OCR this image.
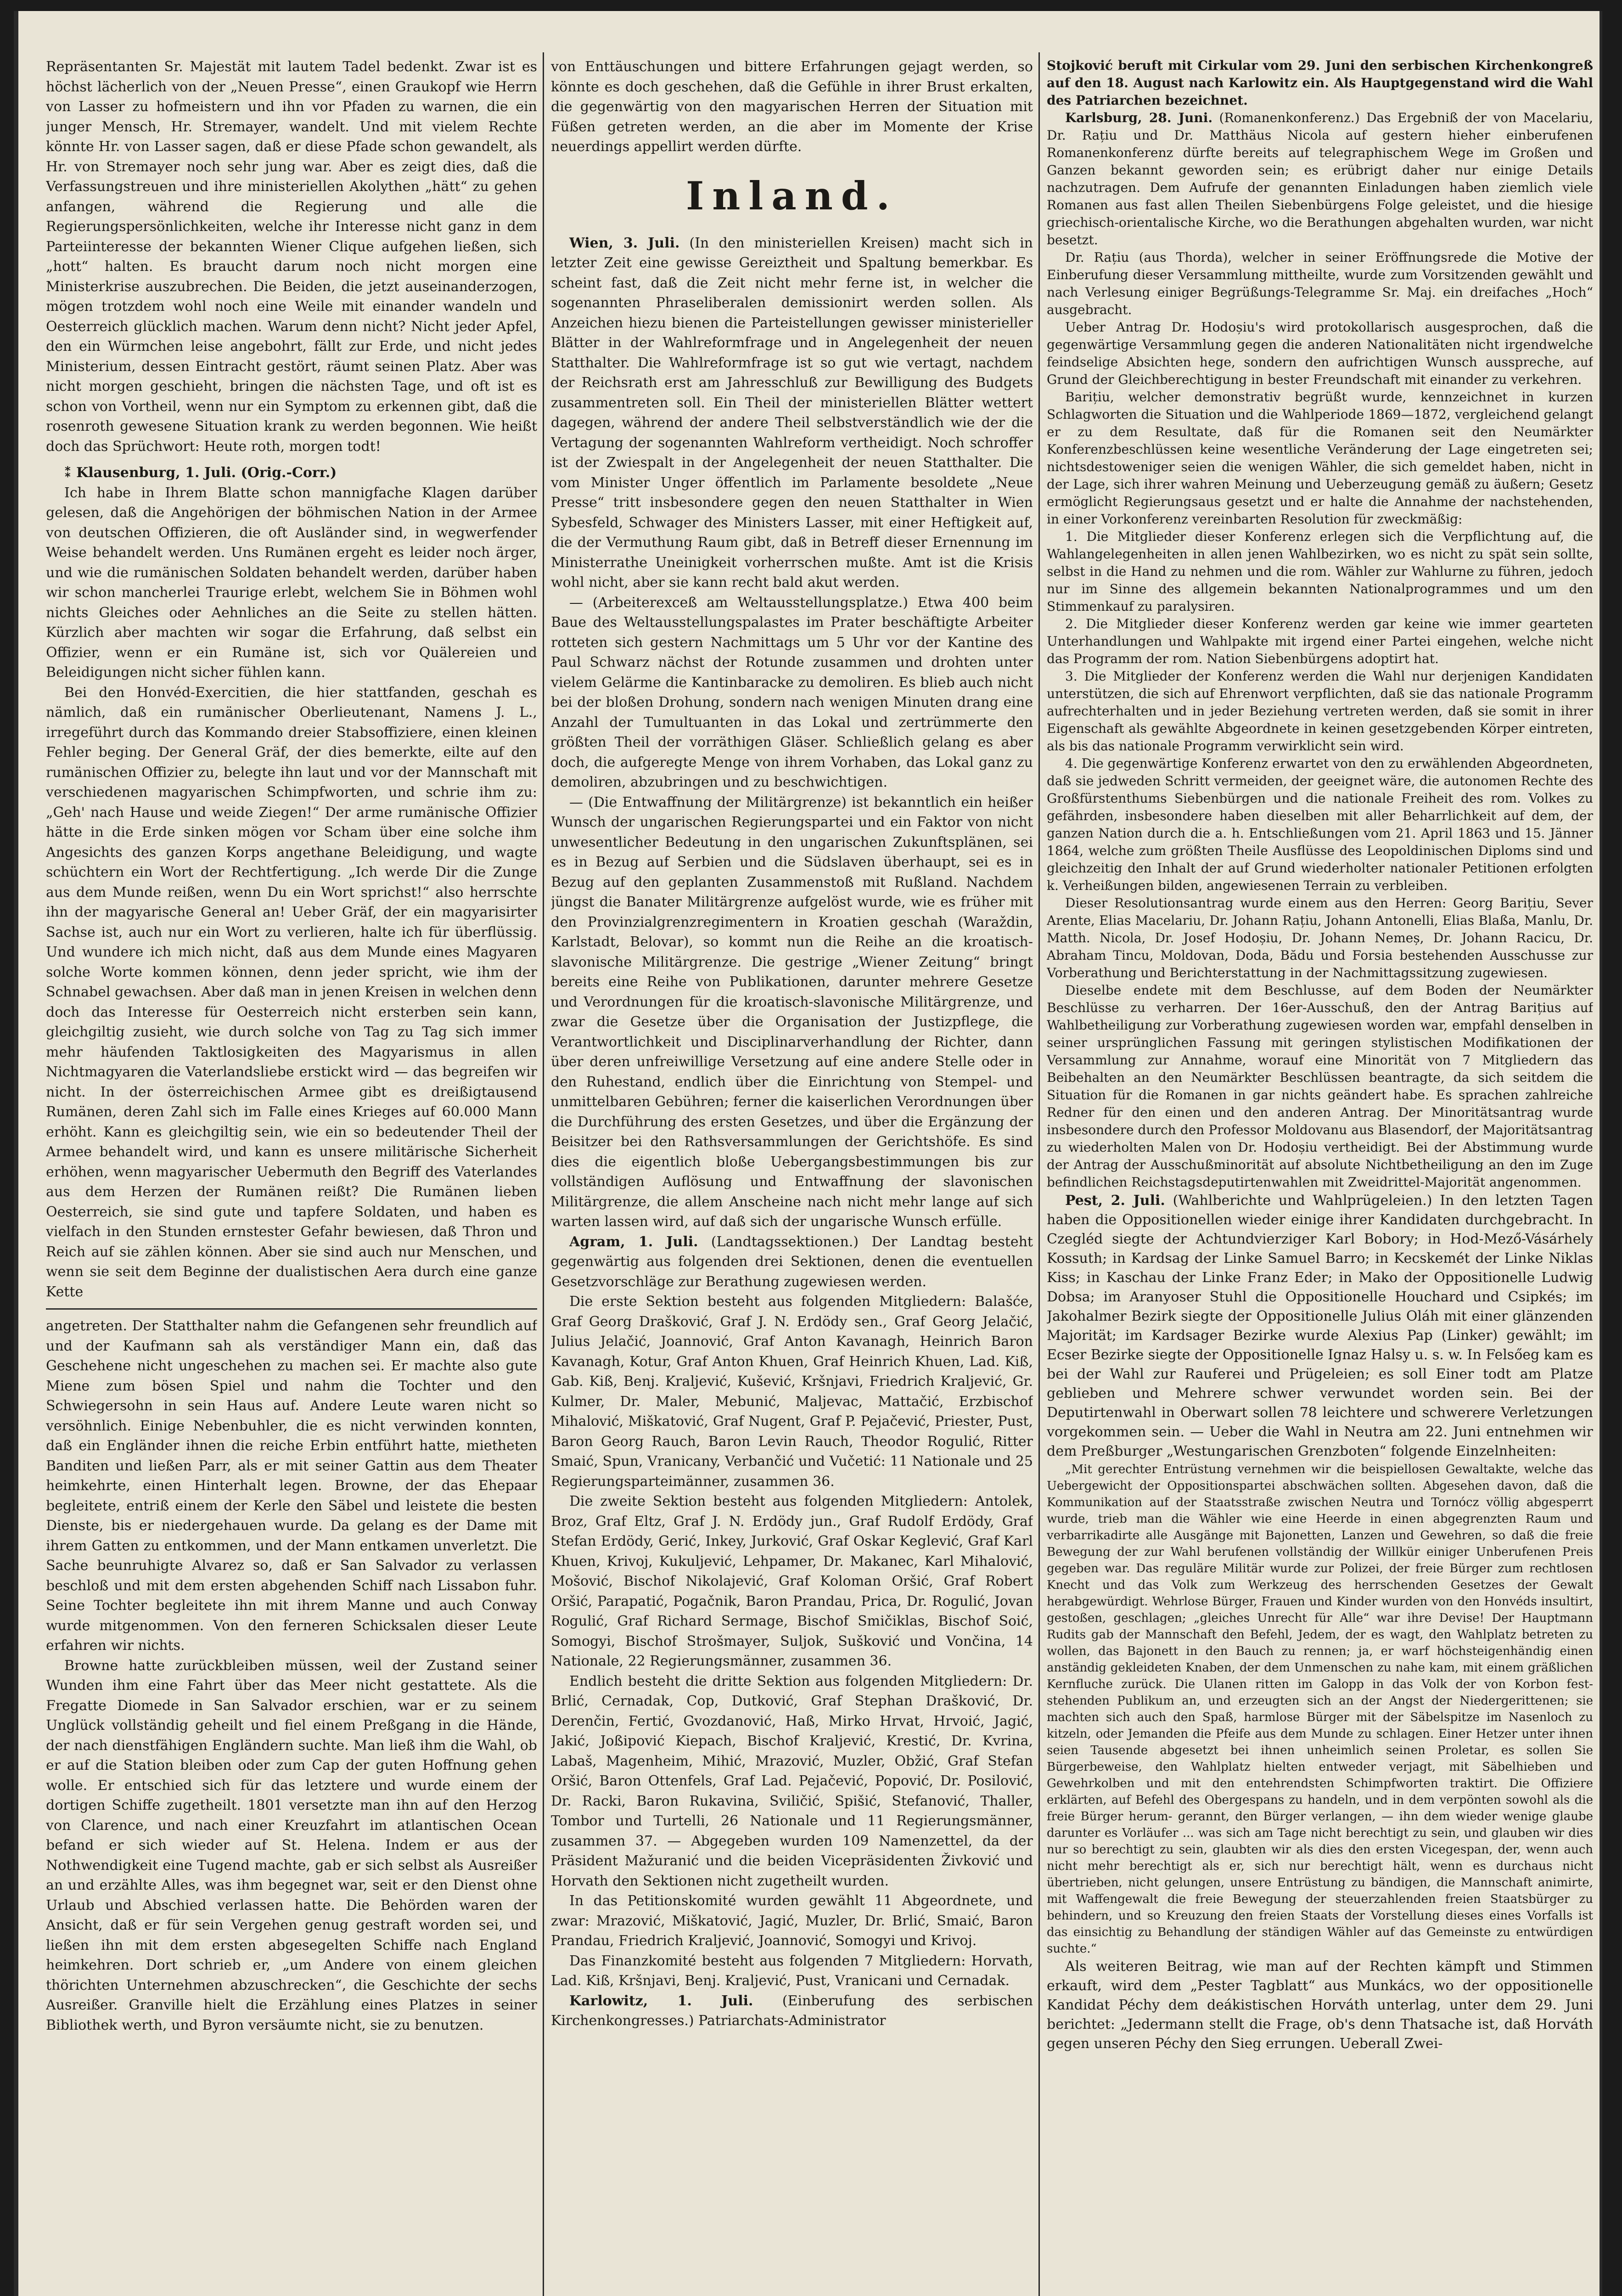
Repräsentanten Sr. Majestät mit lautem Tadel bedenkt. Zwar ist es höchst lächerlich von der „Neuen Presse“, einen Graukopf wie Herrn von Lasser zu hofmeistern und ihn vor Pfaden zu warnen, die ein junger Mensch, Hr. Stremayer, wandelt. Und mit vielem Rechte könnte Hr. von Lasser sagen, daß er diese Pfade schon gewandelt, als Hr. von Stremayer noch sehr jung war. Aber es zeigt dies, daß die Verfassungstreuen und ihre ministeriellen Akolythen „hätt“ zu gehen anfangen, während die Regierung und alle die Regierungspersönlichkeiten, welche ihr Interesse nicht ganz in dem Parteiinteresse der bekannten Wiener Clique aufgehen ließen, sich „hott“ halten. Es braucht darum noch nicht morgen eine Ministerkrise auszubrechen. Die Beiden, die jetzt auseinanderzogen, mögen trotzdem wohl noch eine Weile mit einander wandeln und Oesterreich glücklich machen. Warum denn nicht? Nicht jeder Apfel, den ein Würmchen leise angebohrt, fällt zur Erde, und nicht jedes Ministerium, dessen Eintracht gestört, räumt seinen Platz. Aber was nicht morgen geschieht, bringen die nächsten Tage, und oft ist es schon von Vortheil, wenn nur ein Symptom zu erkennen gibt, daß die rosenroth gewesene Situation krank zu werden begonnen. Wie heißt doch das Sprüchwort: Heute roth, morgen todt!

⁑ Klausenburg, 1. Juli. (Orig.-Corr.)

Ich habe in Ihrem Blatte schon mannigfache Klagen darüber gelesen, daß die Angehörigen der böhmischen Nation in der Armee von deutschen Offizieren, die oft Ausländer sind, in wegwerfender Weise behandelt werden. Uns Rumänen ergeht es leider noch ärger, und wie die rumänischen Soldaten behandelt werden, darüber haben wir schon mancherlei Traurige erlebt, welchem Sie in Böhmen wohl nichts Gleiches oder Aehnliches an die Seite zu stellen hätten. Kürzlich aber machten wir sogar die Erfahrung, daß selbst ein Offizier, wenn er ein Rumäne ist, sich vor Quälereien und Beleidigungen nicht sicher fühlen kann.

Bei den Honvéd-Exercitien, die hier stattfanden, geschah es nämlich, daß ein rumänischer Oberlieutenant, Namens J. L., irregeführt durch das Kommando dreier Stabsoffiziere, einen kleinen Fehler beging. Der General Gräf, der dies bemerkte, eilte auf den rumänischen Offizier zu, belegte ihn laut und vor der Mannschaft mit verschiedenen magyarischen Schimpfworten, und schrie ihm zu: „Geh' nach Hause und weide Ziegen!“ Der arme rumänische Offizier hätte in die Erde sinken mögen vor Scham über eine solche ihm Angesichts des ganzen Korps angethane Beleidigung, und wagte schüchtern ein Wort der Rechtfertigung. „Ich werde Dir die Zunge aus dem Munde reißen, wenn Du ein Wort sprichst!“ also herrschte ihn der magyarische General an! Ueber Gräf, der ein magyarisirter Sachse ist, auch nur ein Wort zu verlieren, halte ich für überflüssig. Und wundere ich mich nicht, daß aus dem Munde eines Magyaren solche Worte kommen können, denn jeder spricht, wie ihm der Schnabel gewachsen. Aber daß man in jenen Kreisen in welchen denn doch das Interesse für Oesterreich nicht ersterben sein kann, gleichgiltig zusieht, wie durch solche von Tag zu Tag sich immer mehr häufenden Taktlosigkeiten des Magyarismus in allen Nichtmagyaren die Vaterlandsliebe erstickt wird — das begreifen wir nicht. In der österreichischen Armee gibt es dreißigtausend Rumänen, deren Zahl sich im Falle eines Krieges auf 60.000 Mann erhöht. Kann es gleichgiltig sein, wie ein so bedeutender Theil der Armee behandelt wird, und kann es unsere militärische Sicherheit erhöhen, wenn magyarischer Uebermuth den Begriff des Vaterlandes aus dem Herzen der Rumänen reißt? Die Rumänen lieben Oesterreich, sie sind gute und tapfere Soldaten, und haben es vielfach in den Stunden ernstester Gefahr bewiesen, daß Thron und Reich auf sie zählen können. Aber sie sind auch nur Menschen, und wenn sie seit dem Beginne der dualistischen Aera durch eine ganze Kette

angetreten. Der Statthalter nahm die Gefangenen sehr freundlich auf und der Kaufmann sah als verständiger Mann ein, daß das Geschehene nicht ungeschehen zu machen sei. Er machte also gute Miene zum bösen Spiel und nahm die Tochter und den Schwiegersohn in sein Haus auf. Andere Leute waren nicht so versöhnlich. Einige Nebenbuhler, die es nicht verwinden konnten, daß ein Engländer ihnen die reiche Erbin entführt hatte, mietheten Banditen und ließen Parr, als er mit seiner Gattin aus dem Theater heimkehrte, einen Hinterhalt legen. Browne, der das Ehepaar begleitete, entriß einem der Kerle den Säbel und leistete die besten Dienste, bis er niedergehauen wurde. Da gelang es der Dame mit ihrem Gatten zu entkommen, und der Mann entkamen unverletzt. Die Sache beunruhigte Alvarez so, daß er San Salvador zu verlassen beschloß und mit dem ersten abgehenden Schiff nach Lissabon fuhr. Seine Tochter begleitete ihn mit ihrem Manne und auch Conway wurde mitgenommen. Von den ferneren Schicksalen dieser Leute erfahren wir nichts.

Browne hatte zurückbleiben müssen, weil der Zustand seiner Wunden ihm eine Fahrt über das Meer nicht gestattete. Als die Fregatte Diomede in San Salvador erschien, war er zu seinem Unglück vollständig geheilt und fiel einem Preßgang in die Hände, der nach dienstfähigen Engländern suchte. Man ließ ihm die Wahl, ob er auf die Station bleiben oder zum Cap der guten Hoffnung gehen wolle. Er entschied sich für das letztere und wurde einem der dortigen Schiffe zugetheilt. 1801 versetzte man ihn auf den Herzog von Clarence, und nach einer Kreuzfahrt im atlantischen Ocean befand er sich wieder auf St. Helena. Indem er aus der Nothwendigkeit eine Tugend machte, gab er sich selbst als Ausreißer an und erzählte Alles, was ihm begegnet war, seit er den Dienst ohne Urlaub und Abschied verlassen hatte. Die Behörden waren der Ansicht, daß er für sein Vergehen genug gestraft worden sei, und ließen ihn mit dem ersten abgesegelten Schiffe nach England heimkehren. Dort schrieb er, „um Andere von einem gleichen thörichten Unternehmen abzuschrecken“, die Geschichte der sechs Ausreißer. Granville hielt die Erzählung eines Platzes in seiner Bibliothek werth, und Byron versäumte nicht, sie zu benutzen.

von Enttäuschungen und bittere Erfahrungen gejagt werden, so könnte es doch geschehen, daß die Gefühle in ihrer Brust erkalten, die gegenwärtig von den magyarischen Herren der Situation mit Füßen getreten werden, an die aber im Momente der Krise neuerdings appellirt werden dürfte.

Inland.

Wien, 3. Juli. (In den ministeriellen Kreisen) macht sich in letzter Zeit eine gewisse Gereiztheit und Spaltung bemerkbar. Es scheint fast, daß die Zeit nicht mehr ferne ist, in welcher die sogenannten Phraseliberalen demissionirt werden sollen. Als Anzeichen hiezu bienen die Parteistellungen gewisser ministerieller Blätter in der Wahlreformfrage und in Angelegenheit der neuen Statthalter. Die Wahlreformfrage ist so gut wie vertagt, nachdem der Reichsrath erst am Jahresschluß zur Bewilligung des Budgets zusammentreten soll. Ein Theil der ministeriellen Blätter wettert dagegen, während der andere Theil selbstverständlich wie der die Vertagung der sogenannten Wahlreform vertheidigt. Noch schroffer ist der Zwiespalt in der Angelegenheit der neuen Statthalter. Die vom Minister Unger öffentlich im Parlamente besoldete „Neue Presse“ tritt insbesondere gegen den neuen Statthalter in Wien Sybesfeld, Schwager des Ministers Lasser, mit einer Heftigkeit auf, die der Vermuthung Raum gibt, daß in Betreff dieser Ernennung im Ministerrathe Uneinigkeit vorherrschen mußte. Amt ist die Krisis wohl nicht, aber sie kann recht bald akut werden.

— (Arbeiterexceß am Weltausstellungsplatze.) Etwa 400 beim Baue des Weltausstellungspalastes im Prater beschäftigte Arbeiter rotteten sich gestern Nachmittags um 5 Uhr vor der Kantine des Paul Schwarz nächst der Rotunde zusammen und drohten unter vielem Gelärme die Kantinbaracke zu demoliren. Es blieb auch nicht bei der bloßen Drohung, sondern nach wenigen Minuten drang eine Anzahl der Tumultuanten in das Lokal und zertrümmerte den größten Theil der vorräthigen Gläser. Schließlich gelang es aber doch, die aufgeregte Menge von ihrem Vorhaben, das Lokal ganz zu demoliren, abzubringen und zu beschwichtigen.

— (Die Entwaffnung der Militärgrenze) ist bekanntlich ein heißer Wunsch der ungarischen Regierungspartei und ein Faktor von nicht unwesentlicher Bedeutung in den ungarischen Zukunftsplänen, sei es in Bezug auf Serbien und die Südslaven überhaupt, sei es in Bezug auf den geplanten Zusammenstoß mit Rußland. Nachdem jüngst die Banater Militärgrenze aufgelöst wurde, wie es früher mit den Provinzialgrenzregimentern in Kroatien geschah (Waraždin, Karlstadt, Belovar), so kommt nun die Reihe an die kroatisch-slavonische Militärgrenze. Die gestrige „Wiener Zeitung“ bringt bereits eine Reihe von Publikationen, darunter mehrere Gesetze und Verordnungen für die kroatisch-slavonische Militärgrenze, und zwar die Gesetze über die Organisation der Justizpflege, die Verantwortlichkeit und Disciplinarverhandlung der Richter, dann über deren unfreiwillige Versetzung auf eine andere Stelle oder in den Ruhestand, endlich über die Einrichtung von Stempel- und unmittelbaren Gebühren; ferner die kaiserlichen Verordnungen über die Durchführung des ersten Gesetzes, und über die Ergänzung der Beisitzer bei den Rathsversammlungen der Gerichtshöfe. Es sind dies die eigentlich bloße Uebergangsbestimmungen bis zur vollständigen Auflösung und Entwaffnung der slavonischen Militärgrenze, die allem Anscheine nach nicht mehr lange auf sich warten lassen wird, auf daß sich der ungarische Wunsch erfülle.

Agram, 1. Juli. (Landtagssektionen.) Der Landtag besteht gegenwärtig aus folgenden drei Sektionen, denen die eventuellen Gesetzvorschläge zur Berathung zugewiesen werden.

Die erste Sektion besteht aus folgenden Mitgliedern: Balašće, Graf Georg Drašković, Graf J. N. Erdödy sen., Graf Georg Jelačić, Julius Jelačić, Joannović, Graf Anton Kavanagh, Heinrich Baron Kavanagh, Kotur, Graf Anton Khuen, Graf Heinrich Khuen, Lad. Kiß, Gab. Kiß, Benj. Kraljević, Kušević, Kršnjavi, Friedrich Kraljević, Gr. Kulmer, Dr. Maler, Mebunić, Maljevac, Mattačić, Erzbischof Mihalović, Miškatović, Graf Nugent, Graf P. Pejačević, Priester, Pust, Baron Georg Rauch, Baron Levin Rauch, Theodor Rogulić, Ritter Smaić, Spun, Vranicany, Verbančić und Vučetić: 11 Nationale und 25 Regierungsparteimänner, zusammen 36.

Die zweite Sektion besteht aus folgenden Mitgliedern: Antolek, Broz, Graf Eltz, Graf J. N. Erdödy jun., Graf Rudolf Erdödy, Graf Stefan Erdödy, Gerić, Inkey, Jurković, Graf Oskar Keglević, Graf Karl Khuen, Krivoj, Kukuljević, Lehpamer, Dr. Makanec, Karl Mihalović, Mošović, Bischof Nikolajević, Graf Koloman Oršić, Graf Robert Oršić, Parapatić, Pogačnik, Baron Prandau, Prica, Dr. Rogulić, Jovan Rogulić, Graf Richard Sermage, Bischof Smičiklas, Bischof Soić, Somogyi, Bischof Strošmayer, Suljok, Sušković und Vončina, 14 Nationale, 22 Regierungsmänner, zusammen 36.

Endlich besteht die dritte Sektion aus folgenden Mitgliedern: Dr. Brlić, Cernadak, Cop, Dutković, Graf Stephan Drašković, Dr. Derenčin, Fertić, Gvozdanović, Haß, Mirko Hrvat, Hrvoić, Jagić, Jakić, Joßipović Kiepach, Bischof Kraljević, Krestić, Dr. Kvrina, Labaš, Magenheim, Mihić, Mrazović, Muzler, Obžić, Graf Stefan Oršić, Baron Ottenfels, Graf Lad. Pejačević, Popović, Dr. Posilović, Dr. Racki, Baron Rukavina, Sviličić, Spišić, Stefanović, Thaller, Tombor und Turtelli, 26 Nationale und 11 Regierungsmänner, zusammen 37. — Abgegeben wurden 109 Namenzettel, da der Präsident Mažuranić und die beiden Vicepräsidenten Živković und Horvath den Sektionen nicht zugetheilt wurden.

In das Petitionskomité wurden gewählt 11 Abgeordnete, und zwar: Mrazović, Miškatović, Jagić, Muzler, Dr. Brlić, Smaić, Baron Prandau, Friedrich Kraljević, Joannović, Somogyi und Krivoj.

Das Finanzkomité besteht aus folgenden 7 Mitgliedern: Horvath, Lad. Kiß, Kršnjavi, Benj. Kraljević, Pust, Vranicani und Cernadak.

Karlowitz, 1. Juli. (Einberufung des serbischen Kirchenkongresses.) Patriarchats-Administrator

Stojković beruft mit Cirkular vom 29. Juni den serbischen Kirchenkongreß auf den 18. August nach Karlowitz ein. Als Hauptgegenstand wird die Wahl des Patriarchen bezeichnet.

Karlsburg, 28. Juni. (Romanenkonferenz.) Das Ergebniß der von Macelariu, Dr. Rațiu und Dr. Matthäus Nicola auf gestern hieher einberufenen Romanenkonferenz dürfte bereits auf telegraphischem Wege im Großen und Ganzen bekannt geworden sein; es erübrigt daher nur einige Details nachzutragen. Dem Aufrufe der genannten Einladungen haben ziemlich viele Romanen aus fast allen Theilen Siebenbürgens Folge geleistet, und die hiesige griechisch-orientalische Kirche, wo die Berathungen abgehalten wurden, war nicht besetzt.

Dr. Rațiu (aus Thorda), welcher in seiner Eröffnungsrede die Motive der Einberufung dieser Versammlung mittheilte, wurde zum Vorsitzenden gewählt und nach Verlesung einiger Begrüßungs-Telegramme Sr. Maj. ein dreifaches „Hoch“ ausgebracht.

Ueber Antrag Dr. Hodoșiu's wird protokollarisch ausgesprochen, daß die gegenwärtige Versammlung gegen die anderen Nationalitäten nicht irgendwelche feindselige Absichten hege, sondern den aufrichtigen Wunsch ausspreche, auf Grund der Gleichberechtigung in bester Freundschaft mit einander zu verkehren.

Barițiu, welcher demonstrativ begrüßt wurde, kennzeichnet in kurzen Schlagworten die Situation und die Wahlperiode 1869—1872, vergleichend gelangt er zu dem Resultate, daß für die Romanen seit den Neumärkter Konferenzbeschlüssen keine wesentliche Veränderung der Lage eingetreten sei; nichtsdestoweniger seien die wenigen Wähler, die sich gemeldet haben, nicht in der Lage, sich ihrer wahren Meinung und Ueberzeugung gemäß zu äußern; Gesetz ermöglicht Regierungsaus gesetzt und er halte die Annahme der nachstehenden, in einer Vorkonferenz vereinbarten Resolution für zweckmäßig:

1. Die Mitglieder dieser Konferenz erlegen sich die Verpflichtung auf, die Wahlangelegenheiten in allen jenen Wahlbezirken, wo es nicht zu spät sein sollte, selbst in die Hand zu nehmen und die rom. Wähler zur Wahlurne zu führen, jedoch nur im Sinne des allgemein bekannten Nationalprogrammes und um den Stimmenkauf zu paralysiren.

2. Die Mitglieder dieser Konferenz werden gar keine wie immer gearteten Unterhandlungen und Wahlpakte mit irgend einer Partei eingehen, welche nicht das Programm der rom. Nation Siebenbürgens adoptirt hat.

3. Die Mitglieder der Konferenz werden die Wahl nur derjenigen Kandidaten unterstützen, die sich auf Ehrenwort verpflichten, daß sie das nationale Programm aufrechterhalten und in jeder Beziehung vertreten werden, daß sie somit in ihrer Eigenschaft als gewählte Abgeordnete in keinen gesetzgebenden Körper eintreten, als bis das nationale Programm verwirklicht sein wird.

4. Die gegenwärtige Konferenz erwartet von den zu erwählenden Abgeordneten, daß sie jedweden Schritt vermeiden, der geeignet wäre, die autonomen Rechte des Großfürstenthums Siebenbürgen und die nationale Freiheit des rom. Volkes zu gefährden, insbesondere haben dieselben mit aller Beharrlichkeit auf dem, der ganzen Nation durch die a. h. Entschließungen vom 21. April 1863 und 15. Jänner 1864, welche zum größten Theile Ausflüsse des Leopoldinischen Diploms sind und gleichzeitig den Inhalt der auf Grund wiederholter nationaler Petitionen erfolgten k. Verheißungen bilden, angewiesenen Terrain zu verbleiben.

Dieser Resolutionsantrag wurde einem aus den Herren: Georg Barițiu, Sever Arente, Elias Macelariu, Dr. Johann Rațiu, Johann Antonelli, Elias Blaßa, Manlu, Dr. Matth. Nicola, Dr. Josef Hodoșiu, Dr. Johann Nemeș, Dr. Johann Racicu, Dr. Abraham Tincu, Moldovan, Doda, Bădu und Forsia bestehenden Ausschusse zur Vorberathung und Berichterstattung in der Nachmittagssitzung zugewiesen.

Dieselbe endete mit dem Beschlusse, auf dem Boden der Neumärkter Beschlüsse zu verharren. Der 16er-Ausschuß, den der Antrag Barițius auf Wahlbetheiligung zur Vorberathung zugewiesen worden war, empfahl denselben in seiner ursprünglichen Fassung mit geringen stylistischen Modifikationen der Versammlung zur Annahme, worauf eine Minorität von 7 Mitgliedern das Beibehalten an den Neumärkter Beschlüssen beantragte, da sich seitdem die Situation für die Romanen in gar nichts geändert habe. Es sprachen zahlreiche Redner für den einen und den anderen Antrag. Der Minoritätsantrag wurde insbesondere durch den Professor Moldovanu aus Blasendorf, der Majoritätsantrag zu wiederholten Malen von Dr. Hodoșiu vertheidigt. Bei der Abstimmung wurde der Antrag der Ausschußminorität auf absolute Nichtbetheiligung an den im Zuge befindlichen Reichstagsdeputirtenwahlen mit Zweidrittel-Majorität angenommen.

Pest, 2. Juli. (Wahlberichte und Wahlprügeleien.) In den letzten Tagen haben die Oppositionellen wieder einige ihrer Kandidaten durchgebracht. In Czegléd siegte der Achtundvierziger Karl Bobory; in Hod-Mező-Vásárhely Kossuth; in Kardsag der Linke Samuel Barro; in Kecskemét der Linke Niklas Kiss; in Kaschau der Linke Franz Eder; in Mako der Oppositionelle Ludwig Dobsa; im Aranyoser Stuhl die Oppositionelle Houchard und Csipkés; im Jakohalmer Bezirk siegte der Oppositionelle Julius Oláh mit einer glänzenden Majorität; im Kardsager Bezirke wurde Alexius Pap (Linker) gewählt; im Ecser Bezirke siegte der Oppositionelle Ignaz Halsy u. s. w. In Felsőeg kam es bei der Wahl zur Rauferei und Prügeleien; es soll Einer todt am Platze geblieben und Mehrere schwer verwundet worden sein. Bei der Deputirtenwahl in Oberwart sollen 78 leichtere und schwerere Verletzungen vorgekommen sein. — Ueber die Wahl in Neutra am 22. Juni entnehmen wir dem Preßburger „Westungarischen Grenzboten“ folgende Einzelnheiten:

„Mit gerechter Entrüstung vernehmen wir die beispiellosen Gewaltakte, welche das Uebergewicht der Oppositionspartei abschwächen sollten. Abgesehen davon, daß die Kommunikation auf der Staatsstraße zwischen Neutra und Tornócz völlig abgesperrt wurde, trieb man die Wähler wie eine Heerde in einen abgegrenzten Raum und verbarrikadirte alle Ausgänge mit Bajonetten, Lanzen und Gewehren, so daß die freie Bewegung der zur Wahl berufenen vollständig der Willkür einiger Unberufenen Preis gegeben war. Das reguläre Militär wurde zur Polizei, der freie Bürger zum rechtlosen Knecht und das Volk zum Werkzeug des herrschenden Gesetzes der Gewalt herabgewürdigt. Wehrlose Bürger, Frauen und Kinder wurden von den Honvéds insultirt, gestoßen, geschlagen; „gleiches Unrecht für Alle“ war ihre Devise! Der Hauptmann Rudits gab der Mannschaft den Befehl, Jedem, der es wagt, den Wahlplatz betreten zu wollen, das Bajonett in den Bauch zu rennen; ja, er warf höchsteigenhändig einen anständig gekleideten Knaben, der dem Unmenschen zu nahe kam, mit einem gräßlichen Kernfluche zurück. Die Ulanen ritten im Galopp in das Volk der von Korbon fest-stehenden Publikum an, und erzeugten sich an der Angst der Niedergerittenen; sie machten sich auch den Spaß, harmlose Bürger mit der Säbelspitze im Nasenloch zu kitzeln, oder Jemanden die Pfeife aus dem Munde zu schlagen. Einer Hetzer unter ihnen seien Tausende abgesetzt bei ihnen unheimlich seinen Proletar, es sollen Sie Bürgerbeweise, den Wahlplatz hielten entweder verjagt, mit Säbelhieben und Gewehrkolben und mit den entehrendsten Schimpfworten traktirt. Die Offiziere erklärten, auf Befehl des Obergespans zu handeln, und in dem verpönten sowohl als die freie Bürger herum- gerannt, den Bürger verlangen, — ihn dem wieder wenige glaube darunter es Vorläufer ... was sich am Tage nicht berechtigt zu sein, und glauben wir dies nur so berechtigt zu sein, glaubten wir als dies den ersten Vicegespan, der, wenn auch nicht mehr berechtigt als er, sich nur berechtigt hält, wenn es durchaus nicht übertrieben, nicht gelungen, unsere Entrüstung zu bändigen, die Mannschaft animirte, mit Waffengewalt die freie Bewegung der steuerzahlenden freien Staatsbürger zu behindern, und so Kreuzung den freien Staats der Vorstellung dieses eines Vorfalls ist das einsichtig zu Behandlung der ständigen Wähler auf das Gemeinste zu entwürdigen suchte.“

Als weiteren Beitrag, wie man auf der Rechten kämpft und Stimmen erkauft, wird dem „Pester Tagblatt“ aus Munkács, wo der oppositionelle Kandidat Péchy dem deákistischen Horváth unterlag, unter dem 29. Juni berichtet: „Jedermann stellt die Frage, ob's denn Thatsache ist, daß Horváth gegen unseren Péchy den Sieg errungen. Ueberall Zwei-
